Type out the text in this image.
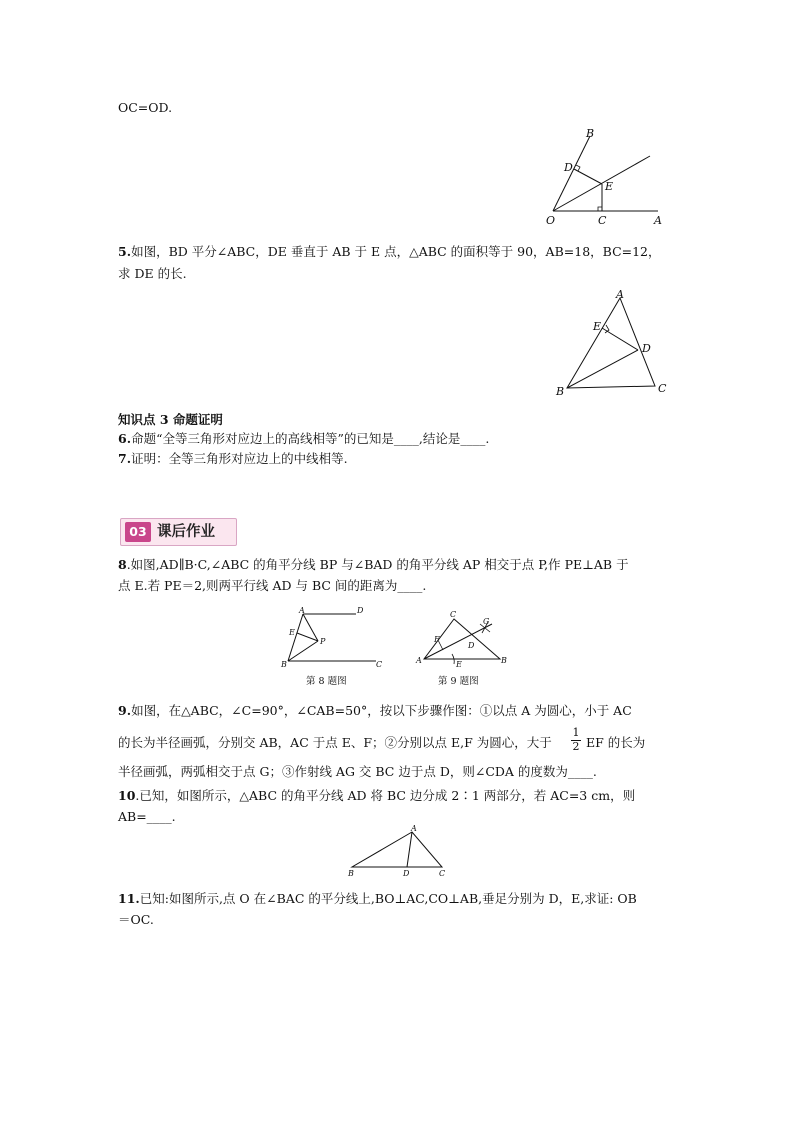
OC=OD.
B
D
E
O	C	A
5.如图，BD 平分∠ABC，DE 垂直于 AB 于 E 点，△ABC 的面积等于 90，AB=18，BC=12，
求 DE 的长.
A
E
D
B	C
知识点 3 命题证明
6.命题“全等三角形对应边上的高线相等”的已知是____,结论是____.
7.证明：全等三角形对应边上的中线相等.
03 课后作业
8.如图,AD∥B·C,∠ABC 的角平分线 BP 与∠BAD 的角平分线 AP 相交于点 P,作 PE⊥AB 于
点 E.若 PE＝2,则两平行线 AD 与 BC 间的距离为____.
A	D
E
P
B	C
第 8 题图
C
G
F
D
A	E	B
第 9 题图
9.如图，在△ABC，∠C=90°，∠CAB=50°，按以下步骤作图：①以点 A 为圆心，小于 AC
的长为半径画弧，分别交 AB，AC 于点 E、F；②分别以点 E,F 为圆心，大于 $\frac{1}{2}$ EF 的长为
半径画弧，两弧相交于点 G；③作射线 AG 交 BC 边于点 D，则∠CDA 的度数为____.
10.已知，如图所示，△ABC 的角平分线 AD 将 BC 边分成 2∶1 两部分，若 AC=3 cm，则
AB=____.
A
B	D	C
11.已知:如图所示,点 O 在∠BAC 的平分线上,BO⊥AC,CO⊥AB,垂足分别为 D，E,求证: OB
＝OC.
